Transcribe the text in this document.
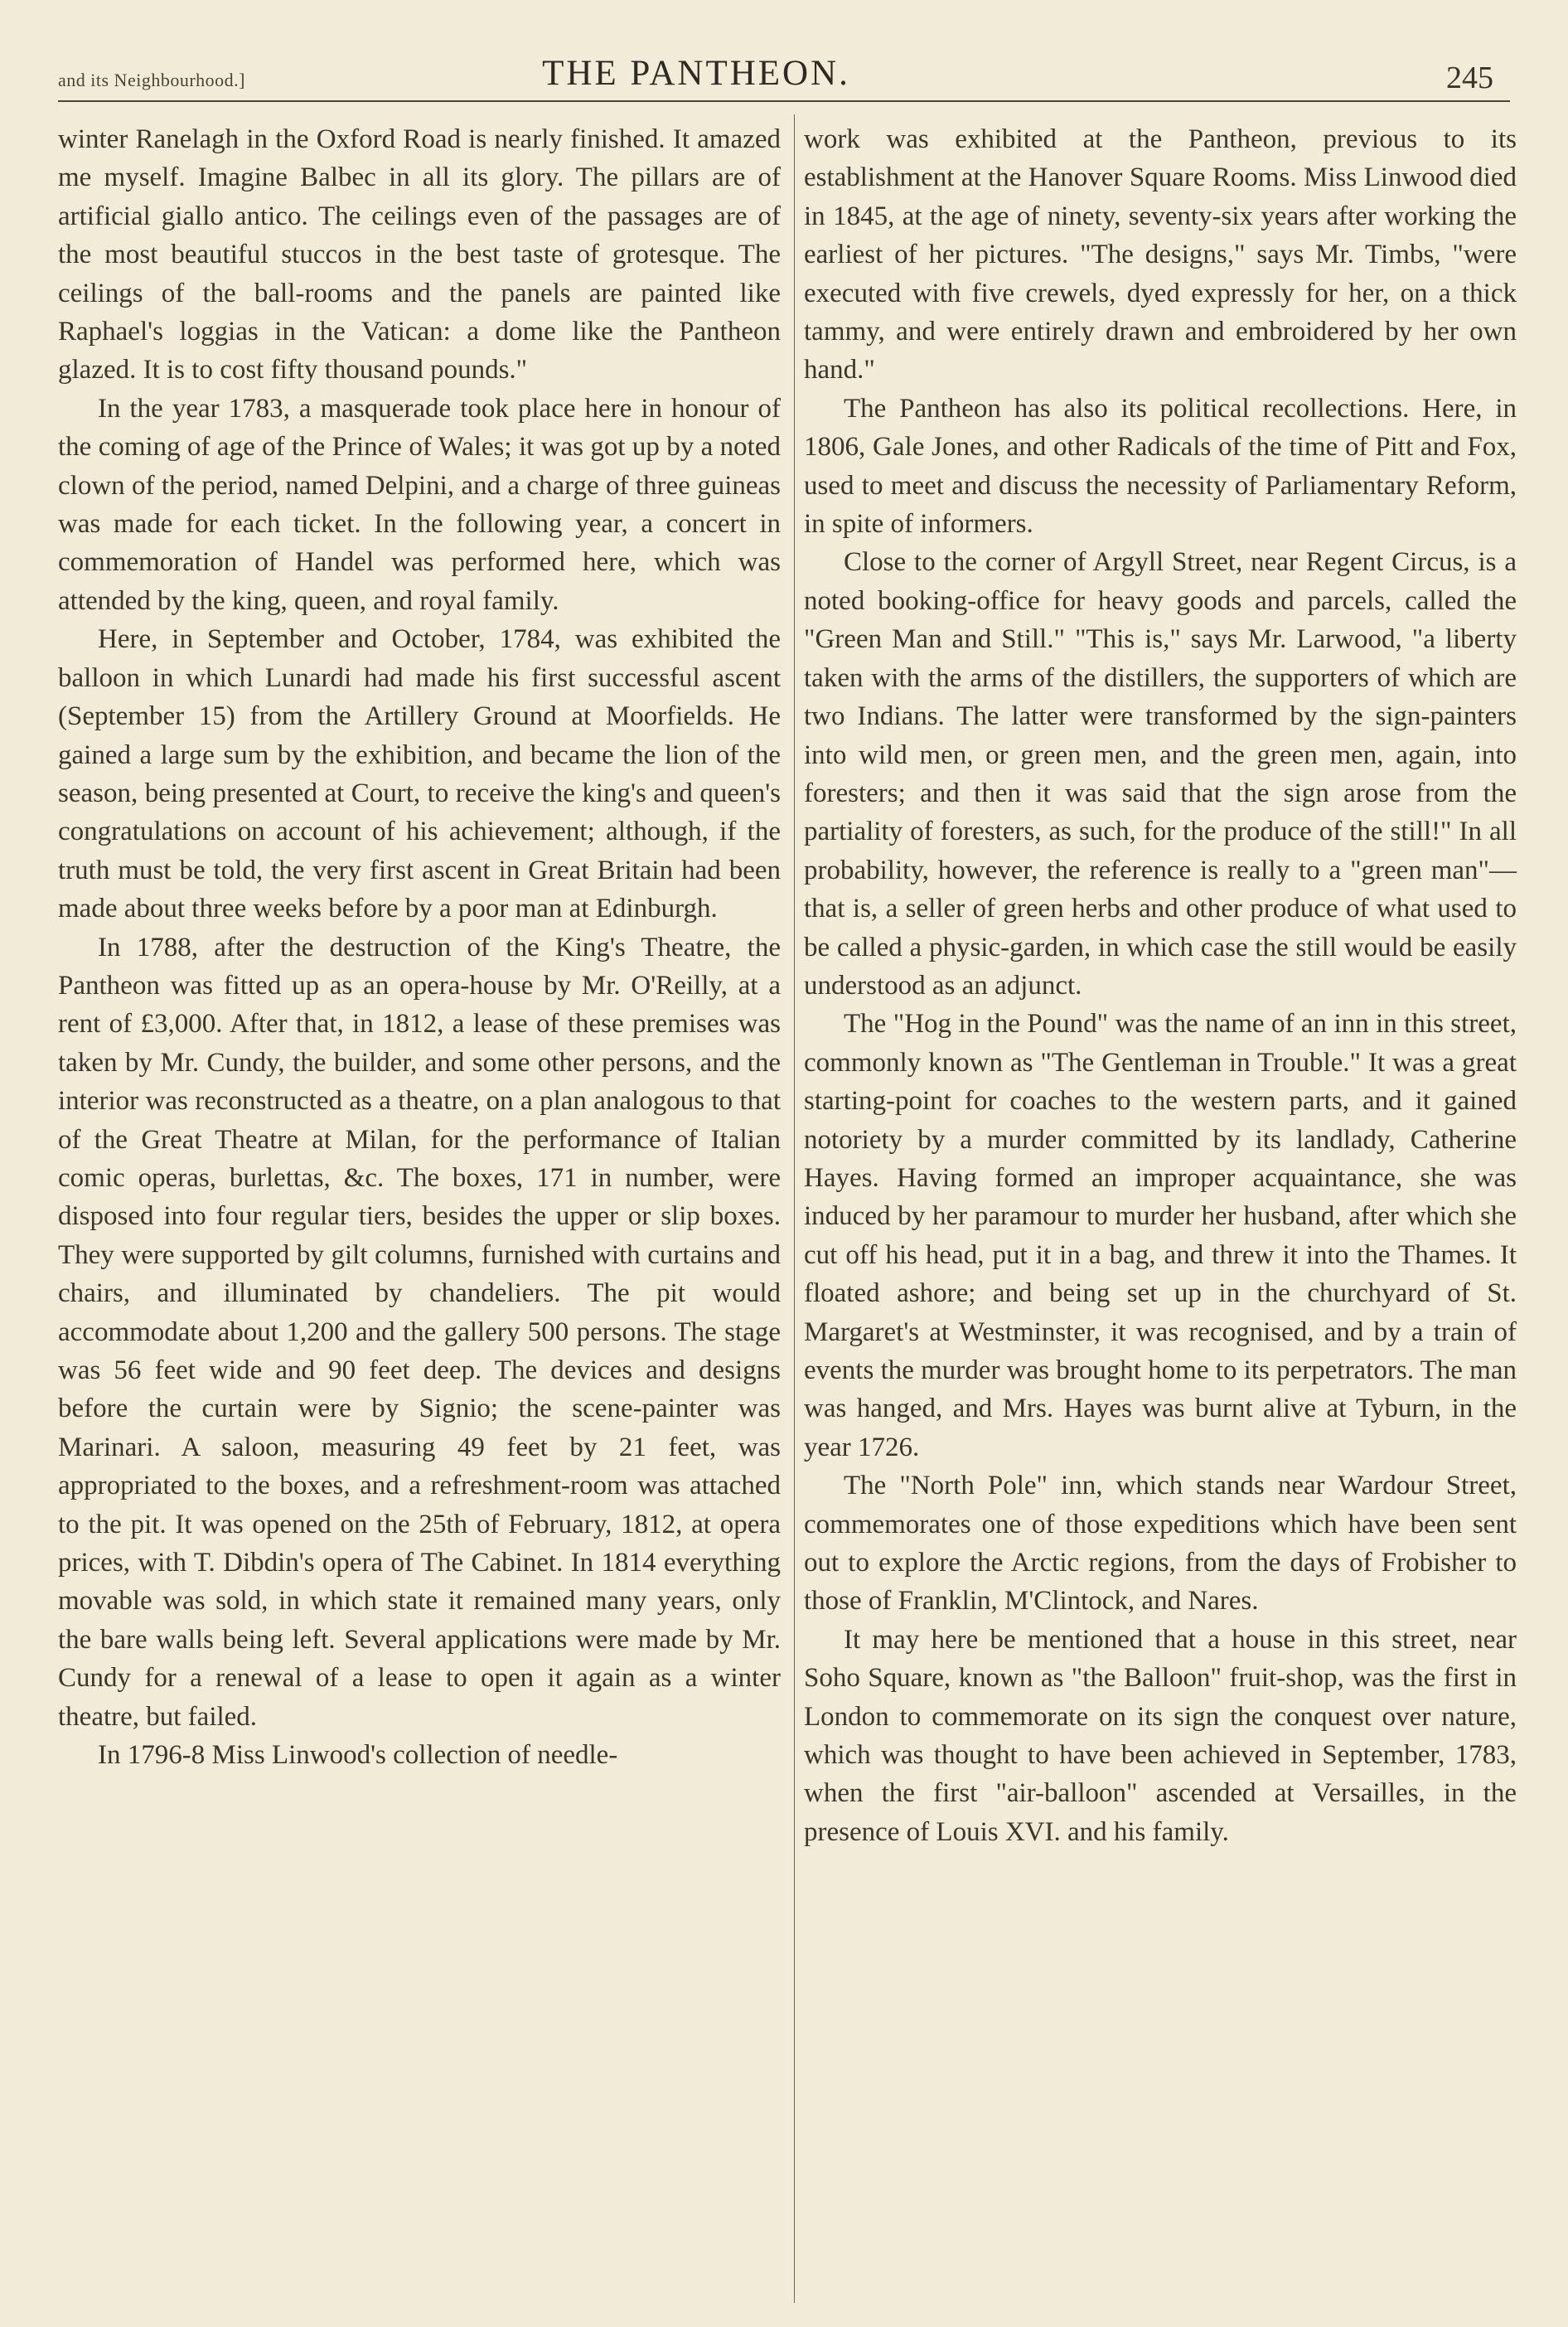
and its Neighbourhood.]	THE PANTHEON.	245

winter Ranelagh in the Oxford Road is nearly finished. It amazed me myself. Imagine Balbec in all its glory. The pillars are of artificial giallo antico. The ceilings even of the passages are of the most beautiful stuccos in the best taste of grotesque. The ceilings of the ball-rooms and the panels are painted like Raphael's loggias in the Vatican: a dome like the Pantheon glazed. It is to cost fifty thousand pounds."

In the year 1783, a masquerade took place here in honour of the coming of age of the Prince of Wales; it was got up by a noted clown of the period, named Delpini, and a charge of three guineas was made for each ticket. In the following year, a concert in commemoration of Handel was performed here, which was attended by the king, queen, and royal family.

Here, in September and October, 1784, was exhibited the balloon in which Lunardi had made his first successful ascent (September 15) from the Artillery Ground at Moorfields. He gained a large sum by the exhibition, and became the lion of the season, being presented at Court, to receive the king's and queen's congratulations on account of his achievement; although, if the truth must be told, the very first ascent in Great Britain had been made about three weeks before by a poor man at Edinburgh.

In 1788, after the destruction of the King's Theatre, the Pantheon was fitted up as an opera-house by Mr. O'Reilly, at a rent of £3,000. After that, in 1812, a lease of these premises was taken by Mr. Cundy, the builder, and some other persons, and the interior was reconstructed as a theatre, on a plan analogous to that of the Great Theatre at Milan, for the performance of Italian comic operas, burlettas, &c. The boxes, 171 in number, were disposed into four regular tiers, besides the upper or slip boxes. They were supported by gilt columns, furnished with curtains and chairs, and illuminated by chandeliers. The pit would accommodate about 1,200 and the gallery 500 persons. The stage was 56 feet wide and 90 feet deep. The devices and designs before the curtain were by Signio; the scene-painter was Marinari. A saloon, measuring 49 feet by 21 feet, was appropriated to the boxes, and a refreshment-room was attached to the pit. It was opened on the 25th of February, 1812, at opera prices, with T. Dibdin's opera of The Cabinet. In 1814 everything movable was sold, in which state it remained many years, only the bare walls being left. Several applications were made by Mr. Cundy for a renewal of a lease to open it again as a winter theatre, but failed.

In 1796-8 Miss Linwood's collection of needle-

work was exhibited at the Pantheon, previous to its establishment at the Hanover Square Rooms. Miss Linwood died in 1845, at the age of ninety, seventy-six years after working the earliest of her pictures. "The designs," says Mr. Timbs, "were executed with five crewels, dyed expressly for her, on a thick tammy, and were entirely drawn and embroidered by her own hand."

The Pantheon has also its political recollections. Here, in 1806, Gale Jones, and other Radicals of the time of Pitt and Fox, used to meet and discuss the necessity of Parliamentary Reform, in spite of informers.

Close to the corner of Argyll Street, near Regent Circus, is a noted booking-office for heavy goods and parcels, called the "Green Man and Still." "This is," says Mr. Larwood, "a liberty taken with the arms of the distillers, the supporters of which are two Indians. The latter were transformed by the sign-painters into wild men, or green men, and the green men, again, into foresters; and then it was said that the sign arose from the partiality of foresters, as such, for the produce of the still!" In all probability, however, the reference is really to a "green man"—that is, a seller of green herbs and other produce of what used to be called a physic-garden, in which case the still would be easily understood as an adjunct.

The "Hog in the Pound" was the name of an inn in this street, commonly known as "The Gentleman in Trouble." It was a great starting-point for coaches to the western parts, and it gained notoriety by a murder committed by its landlady, Catherine Hayes. Having formed an improper acquaintance, she was induced by her paramour to murder her husband, after which she cut off his head, put it in a bag, and threw it into the Thames. It floated ashore; and being set up in the churchyard of St. Margaret's at Westminster, it was recognised, and by a train of events the murder was brought home to its perpetrators. The man was hanged, and Mrs. Hayes was burnt alive at Tyburn, in the year 1726.

The "North Pole" inn, which stands near Wardour Street, commemorates one of those expeditions which have been sent out to explore the Arctic regions, from the days of Frobisher to those of Franklin, M'Clintock, and Nares.

It may here be mentioned that a house in this street, near Soho Square, known as "the Balloon" fruit-shop, was the first in London to commemorate on its sign the conquest over nature, which was thought to have been achieved in September, 1783, when the first "air-balloon" ascended at Versailles, in the presence of Louis XVI. and his family.
